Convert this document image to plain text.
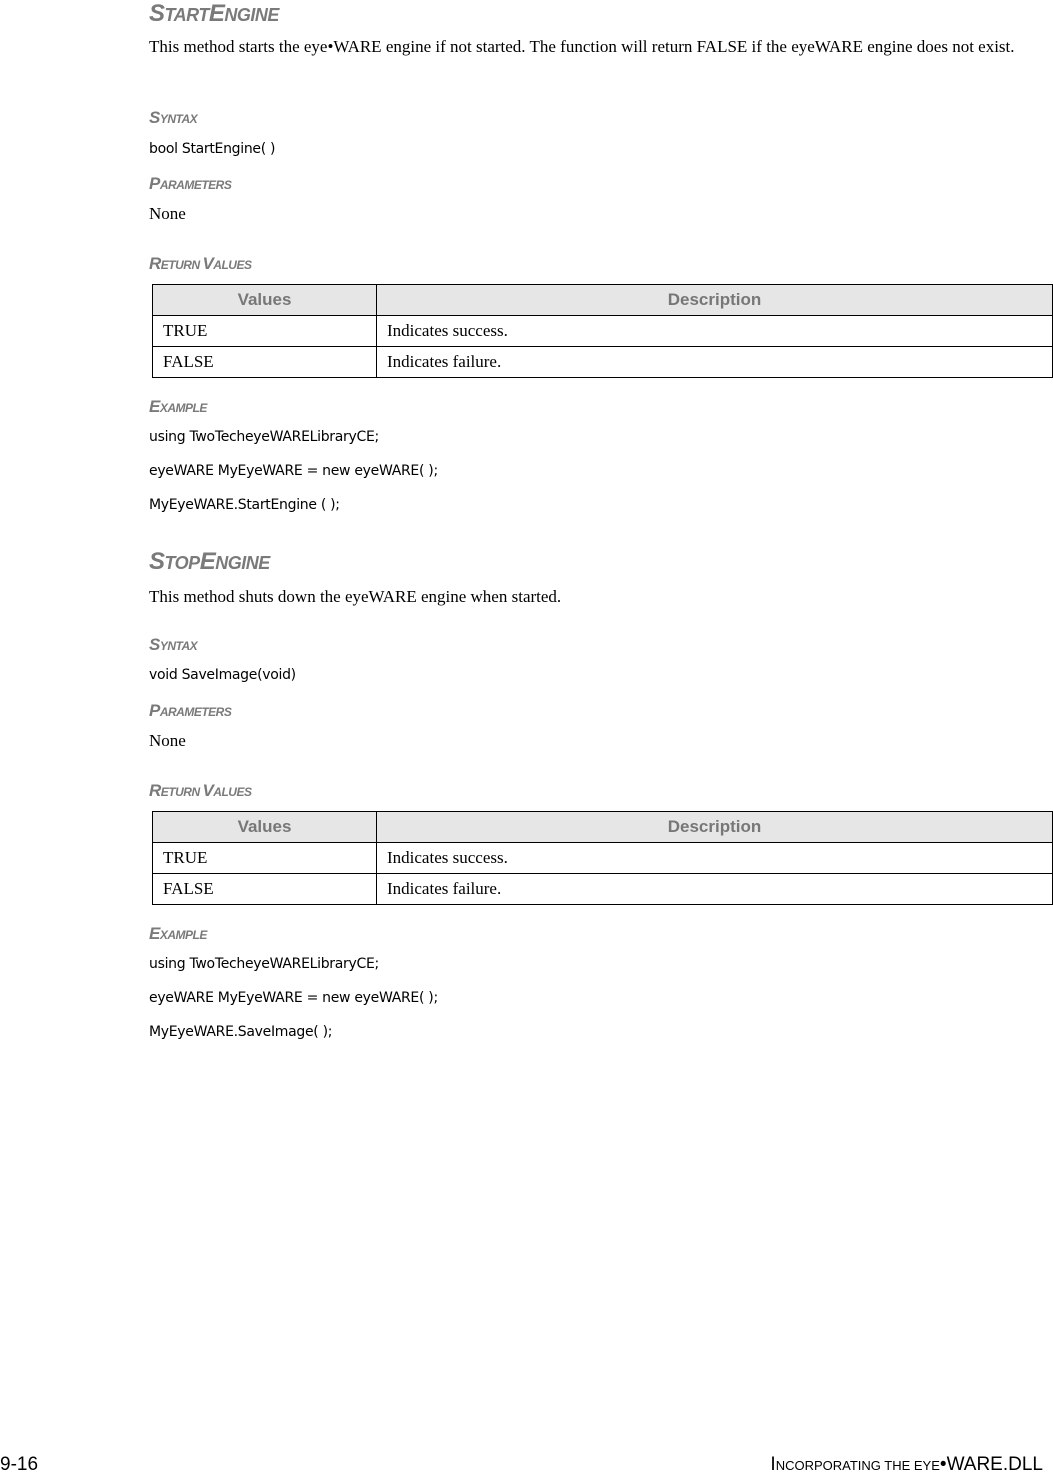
STARTENGINE

This method starts the eye•WARE engine if not started. The function will return FALSE if the eyeWARE engine does not exist.

SYNTAX

bool StartEngine( )

PARAMETERS

None

RETURN VALUES
Values	Description
TRUE	Indicates success.
FALSE	Indicates failure.
EXAMPLE

using TwoTecheyeWARELibraryCE;

eyeWARE MyEyeWARE = new eyeWARE( );

MyEyeWARE.StartEngine ( );

STOPENGINE

This method shuts down the eyeWARE engine when started.

SYNTAX

void SaveImage(void)

PARAMETERS

None

RETURN VALUES
Values	Description
TRUE	Indicates success.
FALSE	Indicates failure.
EXAMPLE

using TwoTecheyeWARELibraryCE;

eyeWARE MyEyeWARE = new eyeWARE( );

MyEyeWARE.SaveImage( );

9-16	INCORPORATING THE EYE•WARE.DLL
